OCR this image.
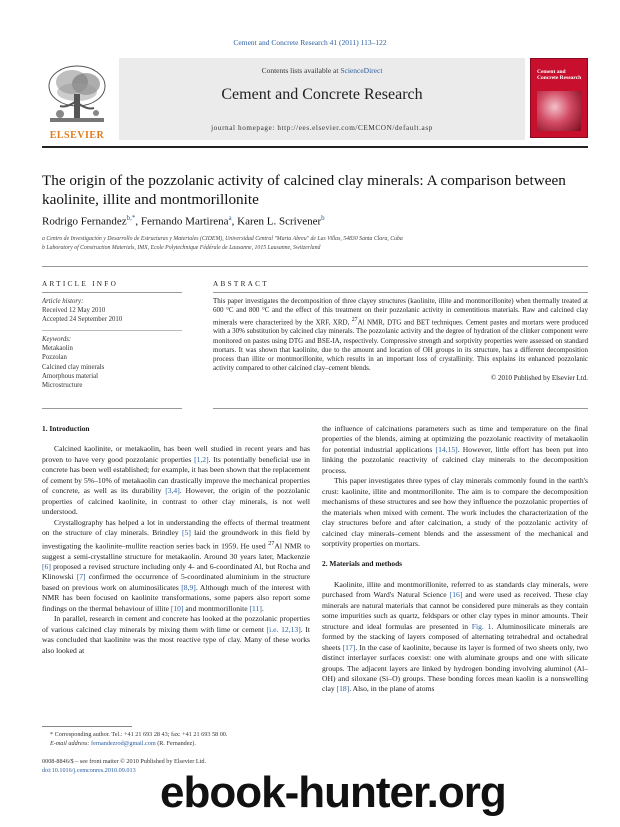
Cement and Concrete Research 41 (2011) 113–122
Contents lists available at ScienceDirect
Cement and Concrete Research
journal homepage: http://ees.elsevier.com/CEMCON/default.asp
ELSEVIER
Cement and Concrete Research
The origin of the pozzolanic activity of calcined clay minerals: A comparison between kaolinite, illite and montmorillonite
Rodrigo Fernandez$^{b,*}$, Fernando Martirena$^a$, Karen L. Scrivener$^b$
a Centro de Investigación y Desarrollo de Estructuras y Materiales (CIDEM), Universidad Central "Marta Abreu" de Las Villas, 54830 Santa Clara, Cuba
b Laboratory of Construction Materials, IMX, Ecole Polytechnique Fédérale de Lausanne, 1015 Lausanne, Switzerland
ARTICLE INFO
Article history:
Received 12 May 2010
Accepted 24 September 2010
Keywords:
Metakaolin
Pozzolan
Calcined clay minerals
Amorphous material
Microstructure
ABSTRACT
This paper investigates the decomposition of three clayey structures (kaolinite, illite and montmorillonite) when thermally treated at 600 °C and 800 °C and the effect of this treatment on their pozzolanic activity in cementitious materials. Raw and calcined clay minerals were characterized by the XRF, XRD, $^{27}$Al NMR, DTG and BET techniques. Cement pastes and mortars were produced with a 30% substitution by calcined clay minerals. The pozzolanic activity and the degree of hydration of the clinker component were monitored on pastes using DTG and BSE-IA, respectively. Compressive strength and sorptivity properties were assessed on standard mortars. It was shown that kaolinite, due to the amount and location of OH groups in its structure, has a different decomposition process than illite or montmorillonite, which results in an important loss of crystallinity. This explains its enhanced pozzolanic activity compared to other calcined clay–cement blends.
© 2010 Published by Elsevier Ltd.

1. Introduction

Calcined kaolinite, or metakaolin, has been well studied in recent years and has proven to have very good pozzolanic properties [1,2]. Its potentially beneficial use in concrete has been well established; for example, it has been shown that the replacement of cement by 5%–10% of metakaolin can drastically improve the mechanical properties of concrete, as well as its durability [3,4]. However, the origin of the pozzolanic properties of calcined kaolinite, in contrast to other clay minerals, is not well understood.

Crystallography has helped a lot in understanding the effects of thermal treatment on the structure of clay minerals. Brindley [5] laid the groundwork in this field by investigating the kaolinite–mullite reaction series back in 1959. He used $^{27}$Al NMR to suggest a semi-crystalline structure for metakaolin. Around 30 years later, Mackenzie [6] proposed a revised structure including only 4- and 6-coordinated Al, but Rocha and Klinowski [7] confirmed the occurrence of 5-coordinated aluminium in the structure based on previous work on aluminosilicates [8,9]. Although much of the interest with NMR has been focused on kaolinite transformations, some papers also report some findings on the thermal behaviour of illite [10] and montmorillonite [11].

In parallel, research in cement and concrete has looked at the pozzolanic properties of various calcined clay minerals by mixing them with lime or cement [i.e. 12,13]. It was concluded that kaolinite was the most reactive type of clay. Many of these works also looked at

* Corresponding author. Tel.: +41 21 693 28 43; fax: +41 21 693 58 00.
E-mail address: fernandezrod@gmail.com (R. Fernandez).
0008-8846/$ – see front matter © 2010 Published by Elsevier Ltd.
doi:10.1016/j.cemconres.2010.09.013

the influence of calcinations parameters such as time and temperature on the final properties of the blends, aiming at optimizing the pozzolanic reactivity of metakaolin for potential industrial applications [14,15]. However, little effort has been put into linking the pozzolanic reactivity of calcined clay minerals to the decomposition process.

This paper investigates three types of clay minerals commonly found in the earth's crust: kaolinite, illite and montmorillonite. The aim is to compare the decomposition mechanisms of these structures and see how they influence the pozzolanic properties of the materials when mixed with cement. The work includes the characterization of the clay structures before and after calcination, a study of the pozzolanic activity of calcined clay minerals–cement blends and the assessment of the mechanical and sorptivity properties on mortars.

2. Materials and methods

Kaolinite, illite and montmorillonite, referred to as standards clay minerals, were purchased from Ward's Natural Science [16] and were used as received. These clay minerals are natural materials that cannot be considered pure minerals as they contain some impurities such as quartz, feldspars or other clay types in minor amounts. Their structure and ideal formulas are presented in Fig. 1. Aluminosilicate minerals are formed by the stacking of layers composed of alternating tetrahedral and octahedral sheets [17]. In the case of kaolinite, because its layer is formed of two sheets only, two distinct interlayer surfaces coexist: one with aluminate groups and one with silicate groups. The adjacent layers are linked by hydrogen bonding involving aluminol (Al–OH) and siloxane (Si–O) groups. These bonding forces mean kaolin is a nonswelling clay [18]. Also, in the plane of atoms

ebook-hunter.org
